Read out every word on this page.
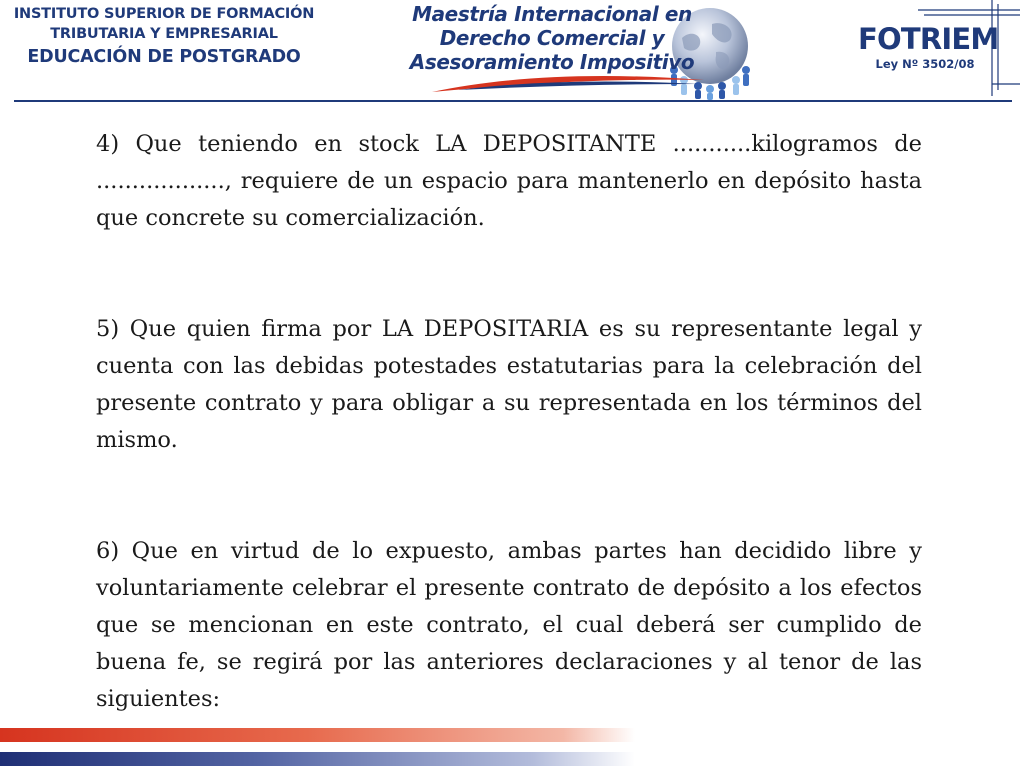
INSTITUTO SUPERIOR DE FORMACIÓN
TRIBUTARIA Y EMPRESARIAL
EDUCACIÓN DE POSTGRADO
Maestría Internacional en
Derecho Comercial y
Asesoramiento Impositivo
FOTRIEM
Ley Nº 3502/08

4) Que teniendo en stock LA DEPOSITANTE ...........kilogramos de .................., requiere de un espacio para mantenerlo en depósito hasta que concrete su comercialización.

5) Que quien firma por LA DEPOSITARIA es su representante legal y cuenta con las debidas potestades estatutarias para la celebración del presente contrato y para obligar a su representada en los términos del mismo.

6) Que en virtud de lo expuesto, ambas partes han decidido libre y voluntariamente celebrar el presente contrato de depósito a los efectos que se mencionan en este contrato, el cual deberá ser cumplido de buena fe, se regirá por las anteriores declaraciones y al tenor de las siguientes:
